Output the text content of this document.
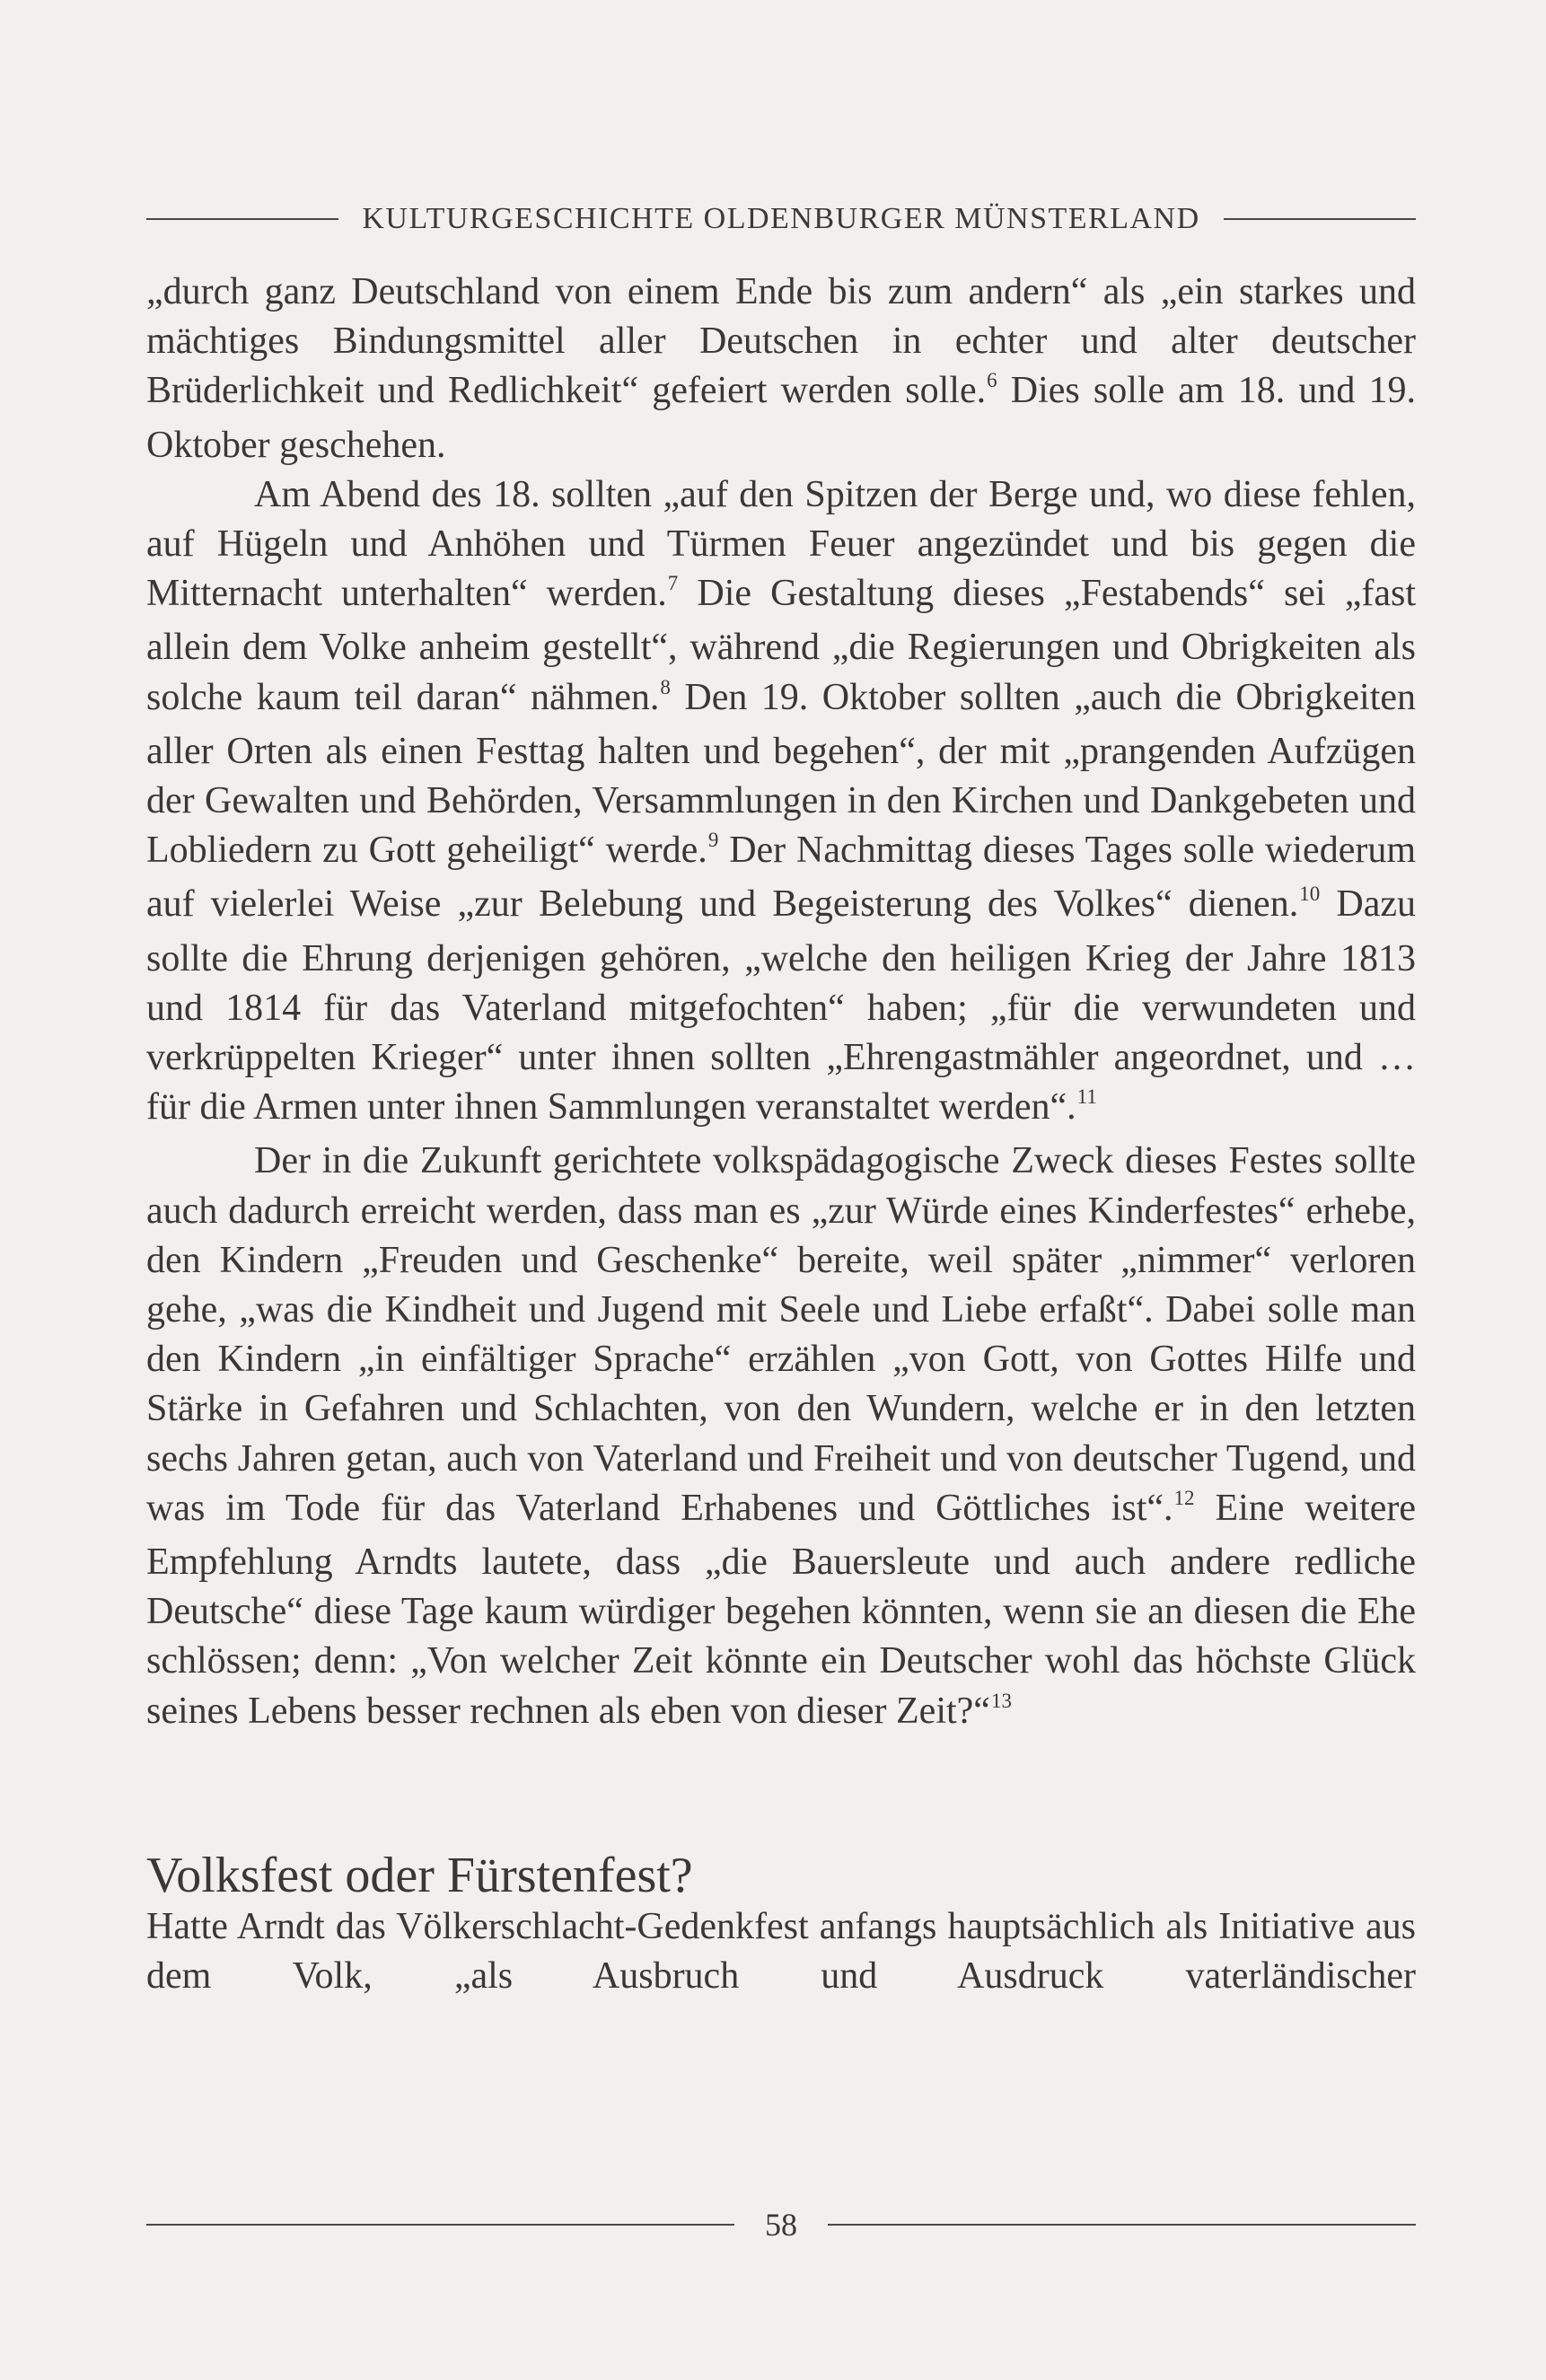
KULTURGESCHICHTE OLDENBURGER MÜNSTERLAND

„durch ganz Deutschland von einem Ende bis zum andern“ als „ein starkes und mächtiges Bindungsmittel aller Deutschen in echter und alter deutscher Brüderlichkeit und Redlichkeit“ gefeiert werden solle.$^6$ Dies solle am 18. und 19. Oktober geschehen.

Am Abend des 18. sollten „auf den Spitzen der Berge und, wo diese fehlen, auf Hügeln und Anhöhen und Türmen Feuer angezündet und bis gegen die Mitternacht unterhalten“ werden.$^7$ Die Gestaltung dieses „Festabends“ sei „fast allein dem Volke anheim gestellt“, während „die Regierungen und Obrigkeiten als solche kaum teil daran“ nähmen.$^8$ Den 19. Oktober sollten „auch die Obrigkeiten aller Orten als einen Festtag halten und begehen“, der mit „prangenden Aufzügen der Gewalten und Behörden, Versammlungen in den Kirchen und Dankgebeten und Lobliedern zu Gott geheiligt“ werde.$^9$ Der Nachmittag dieses Tages solle wiederum auf vielerlei Weise „zur Belebung und Begeisterung des Volkes“ dienen.$^{10}$ Dazu sollte die Ehrung derjenigen gehören, „welche den heiligen Krieg der Jahre 1813 und 1814 für das Vaterland mitgefochten“ haben; „für die verwundeten und verkrüppelten Krieger“ unter ihnen sollten „Ehrengastmähler angeordnet, und … für die Armen unter ihnen Sammlungen veranstaltet werden“.$^{11}$

Der in die Zukunft gerichtete volkspädagogische Zweck dieses Festes sollte auch dadurch erreicht werden, dass man es „zur Würde eines Kinderfestes“ erhebe, den Kindern „Freuden und Geschenke“ bereite, weil später „nimmer“ verloren gehe, „was die Kindheit und Jugend mit Seele und Liebe erfaßt“. Dabei solle man den Kindern „in einfältiger Sprache“ erzählen „von Gott, von Gottes Hilfe und Stärke in Gefahren und Schlachten, von den Wundern, welche er in den letzten sechs Jahren getan, auch von Vaterland und Freiheit und von deutscher Tugend, und was im Tode für das Vaterland Erhabenes und Göttliches ist“.$^{12}$ Eine weitere Empfehlung Arndts lautete, dass „die Bauersleute und auch andere redliche Deutsche“ diese Tage kaum würdiger begehen könnten, wenn sie an diesen die Ehe schlössen; denn: „Von welcher Zeit könnte ein Deutscher wohl das höchste Glück seines Lebens besser rechnen als eben von dieser Zeit?“$^{13}$

Volksfest oder Fürstenfest?

Hatte Arndt das Völkerschlacht-Gedenkfest anfangs hauptsächlich als Initiative aus dem Volk, „als Ausbruch und Ausdruck vaterländischer

58
